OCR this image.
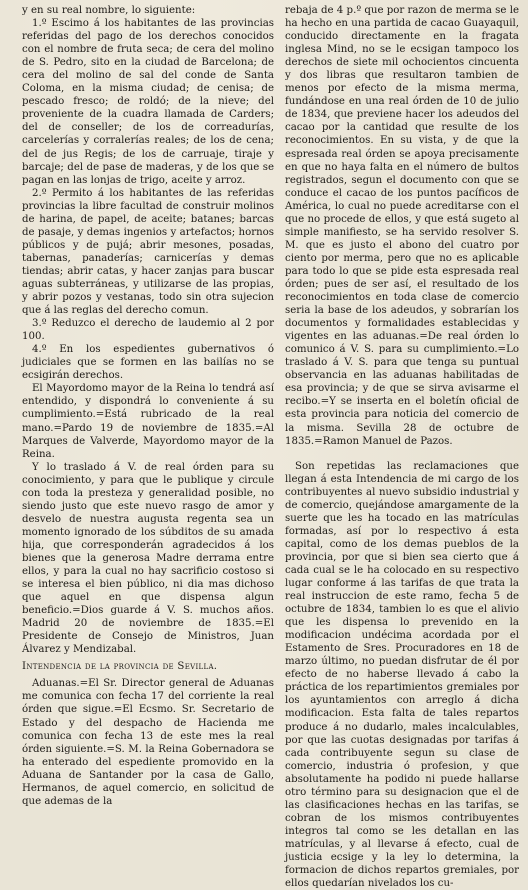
y en su real nombre, lo siguiente:

1.º Escimo á los habitantes de las provincias referidas del pago de los derechos conocidos con el nombre de fruta seca; de cera del molino de S. Pedro, sito en la ciudad de Barcelona; de cera del molino de sal del conde de Santa Coloma, en la misma ciudad; de cenisa; de pescado fresco; de roldó; de la nieve; del proveniente de la cuadra llamada de Carders; del de conseller; de los de correadurías, carcelerías y corralerías reales; de los de cena; del de jus Regis; de los de carruaje, tiraje y barcaje; del de pase de maderas, y de los que se pagan en las lonjas de trigo, aceite y arroz.

2.º Permito á los habitantes de las referidas provincias la libre facultad de construir molinos de harina, de papel, de aceite; batanes; barcas de pasaje, y demas ingenios y artefactos; hornos públicos y de pujá; abrir mesones, posadas, tabernas, panaderías; carnicerías y demas tiendas; abrir catas, y hacer zanjas para buscar aguas subterráneas, y utilizarse de las propias, y abrir pozos y vestanas, todo sin otra sujecion que á las reglas del derecho comun.

3.º Reduzco el derecho de laudemio al 2 por 100.

4.º En los espedientes gubernativos ó judiciales que se formen en las bailías no se ecsigirán derechos.

El Mayordomo mayor de la Reina lo tendrá así entendido, y dispondrá lo conveniente á su cumplimiento.=Está rubricado de la real mano.=Pardo 19 de noviembre de 1835.=Al Marques de Valverde, Mayordomo mayor de la Reina.

Y lo traslado á V. de real órden para su conocimiento, y para que le publique y circule con toda la presteza y generalidad posible, no siendo justo que este nuevo rasgo de amor y desvelo de nuestra augusta regenta sea un momento ignorado de los súbditos de su amada hija, que corresponderán agradecidos á los bienes que la generosa Madre derrama entre ellos, y para la cual no hay sacrificio costoso si se interesa el bien público, ni dia mas dichoso que aquel en que dispensa algun beneficio.=Dios guarde á V. S. muchos años. Madrid 20 de noviembre de 1835.=El Presidente de Consejo de Ministros, Juan Álvarez y Mendizabal.

Intendencia de la provincia de Sevilla.

Aduanas.=El Sr. Director general de Aduanas me comunica con fecha 17 del corriente la real órden que sigue.=El Ecsmo. Sr. Secretario de Estado y del despacho de Hacienda me comunica con fecha 13 de este mes la real órden siguiente.=S. M. la Reina Gobernadora se ha enterado del espediente promovido en la Aduana de Santander por la casa de Gallo, Hermanos, de aquel comercio, en solicitud de que ademas de la

rebaja de 4 p.º que por razon de merma se le ha hecho en una partida de cacao Guayaquil, conducido directamente en la fragata inglesa Mind, no se le ecsigan tampoco los derechos de siete mil ochocientos cincuenta y dos libras que resultaron tambien de menos por efecto de la misma merma, fundándose en una real órden de 10 de julio de 1834, que previene hacer los adeudos del cacao por la cantidad que resulte de los reconocimientos. En su vista, y de que la espresada real órden se apoya precisamente en que no haya falta en el número de bultos registrados, segun el documento con que se conduce el cacao de los puntos pacíficos de América, lo cual no puede acreditarse con el que no procede de ellos, y que está sugeto al simple manifiesto, se ha servido resolver S. M. que es justo el abono del cuatro por ciento por merma, pero que no es aplicable para todo lo que se pide esta espresada real órden; pues de ser así, el resultado de los reconocimientos en toda clase de comercio seria la base de los adeudos, y sobrarían los documentos y formalidades establecidas y vigentes en las aduanas.=De real órden lo comunico á V. S. para su cumplimiento.=Lo traslado á V. S. para que tenga su puntual observancia en las aduanas habilitadas de esa provincia; y de que se sirva avisarme el recibo.=Y se inserta en el boletín oficial de esta provincia para noticia del comercio de la misma. Sevilla 28 de octubre de 1835.=Ramon Manuel de Pazos.

Son repetidas las reclamaciones que llegan á esta Intendencia de mi cargo de los contribuyentes al nuevo subsidio industrial y de comercio, quejándose amargamente de la suerte que les ha tocado en las matrículas formadas, así por lo respectivo á esta capital, como de los demas pueblos de la provincia, por que si bien sea cierto que á cada cual se le ha colocado en su respectivo lugar conforme á las tarifas de que trata la real instruccion de este ramo, fecha 5 de octubre de 1834, tambien lo es que el alivio que les dispensa lo prevenido en la modificacion undécima acordada por el Estamento de Sres. Procuradores en 18 de marzo último, no puedan disfrutar de él por efecto de no haberse llevado á cabo la práctica de los repartimientos gremiales por los ayuntamientos con arreglo á dicha modificacion. Esta falta de tales repartos produce á no dudarlo, males incalculables, por que las cuotas designadas por tarifas á cada contribuyente segun su clase de comercio, industria ó profesion, y que absolutamente ha podido ni puede hallarse otro término para su designacion que el de las clasificaciones hechas en las tarifas, se cobran de los mismos contribuyentes integros tal como se les detallan en las matrículas, y al llevarse á efecto, cual de justicia ecsige y la ley lo determina, la formacion de dichos repartos gremiales, por ellos quedarían nivelados los cu-
